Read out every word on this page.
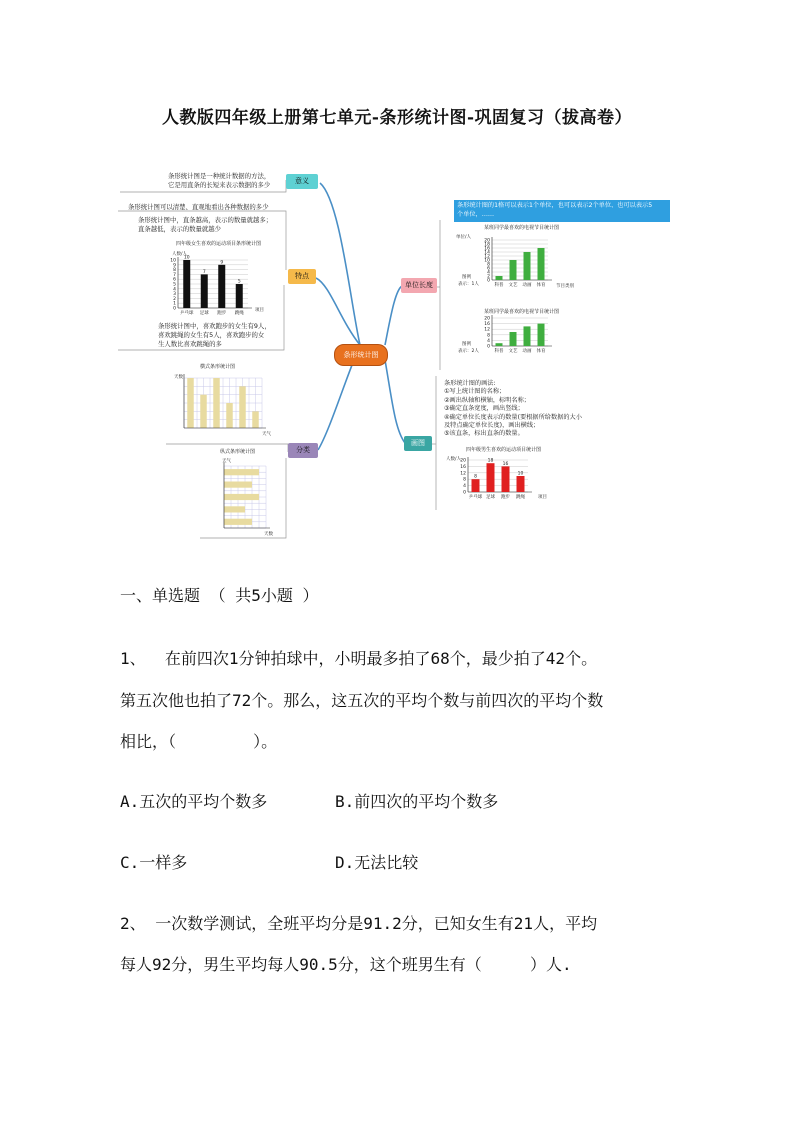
人教版四年级上册第七单元-条形统计图-巩固复习（拔高卷）
条形统计图
意义
特点
分类
单位长度
画图
条形统计图是一种统计数据的方法，
它是用直条的长短来表示数据的多少
条形统计图可以清楚、直观地看出各种数据的多少
条形统计图中，直条越高，表示的数量就越多；
直条越低，表示的数量就越少
四年级女生喜欢的运动项目条形统计图
人数/人
项目
0
1
2
3
4
5
6
7
8
9
10
乒乓球 足球 跑步 跳绳
10
7
9
5
条形统计图中，喜欢跑步的女生有9人，
喜欢跳绳的女生有5人，喜欢跑步的女
生人数比喜欢跳绳的多
横式条形统计图
天数
天气
纵式条形统计图
天气
天数
条形统计图的1格可以表示1个单位，也可以表示2个单位、也可以表示5
个单位，……
某班同学最喜欢的电视节目统计图
单位/人
图例
表示：1人	节目类别
0
2
4
6
8
10
12
14
16
18
20
科普 文艺 动画 体育
某班同学最喜欢的电视节目统计图
图例
表示：2人
0
4
8
12
16
20
科普 文艺 动画 体育
条形统计图的画法:
①写上统计图的名称；
②画出纵轴和横轴，标明名称；
③确定直条宽度，画出竖线；
④确定单位长度表示的数量(要根据所给数据的大小
及特点确定单位长度)，画出横线；
⑤该直条，标出直条的数量。
四年级男生喜欢的运动项目统计图
人数/人
项目
0
4
8
12
16
20
乒乓球 足球 跑步 跳绳
8
18
16
10
一、单选题 （ 共5小题 ）
1、  在前四次1分钟拍球中，小明最多拍了68个，最少拍了42个。
第五次他也拍了72个。那么，这五次的平均个数与前四次的平均个数
相比，（        ）。
A.五次的平均个数多	B.前四次的平均个数多
C.一样多	D.无法比较
2、 一次数学测试，全班平均分是91.2分，已知女生有21人，平均
每人92分，男生平均每人90.5分，这个班男生有（     ）人.
